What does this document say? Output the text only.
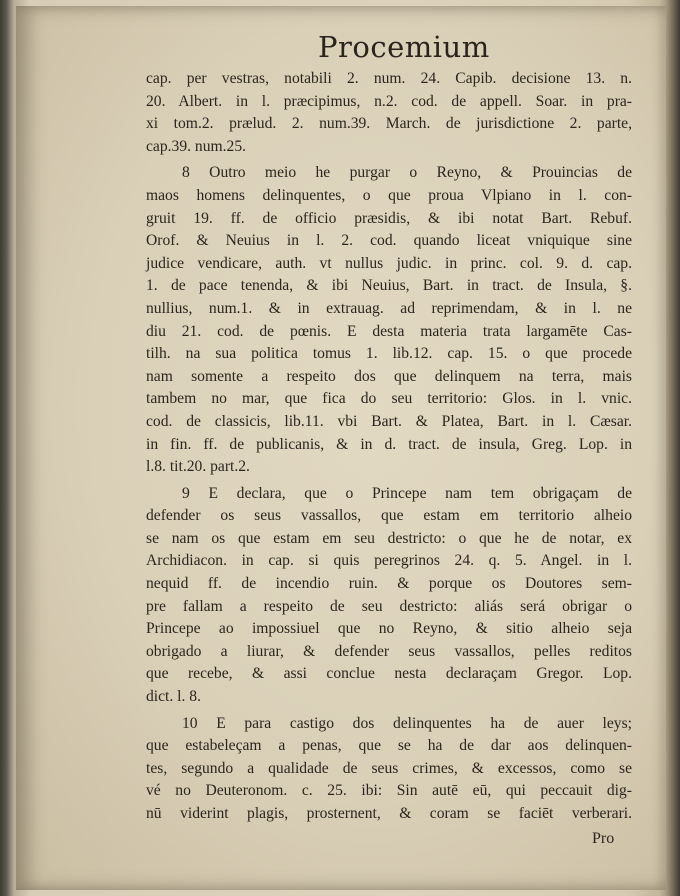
Procemium
cap. per vestras, notabili 2. num. 24. Capib. decisione 13. n.
20. Albert. in l. præcipimus, n.2. cod. de appell. Soar. in pra-
xi tom.2. prælud. 2. num.39. March. de jurisdictione 2. parte,
cap.39. num.25.
8 Outro meio he purgar o Reyno, & Prouincias de
maos homens delinquentes, o que proua Vlpiano in l. con-
gruit 19. ff. de officio præsidis, & ibi notat Bart. Rebuf.
Orof. & Neuius in l. 2. cod. quando liceat vniquique sine
judice vendicare, auth. vt nullus judic. in princ. col. 9. d. cap.
1. de pace tenenda, & ibi Neuius, Bart. in tract. de Insula, §.
nullius, num.1. & in extrauag. ad reprimendam, & in l. ne
diu 21. cod. de pœnis. E desta materia trata largamēte Cas-
tilh. na sua politica tomus 1. lib.12. cap. 15. o que procede
nam somente a respeito dos que delinquem na terra, mais
tambem no mar, que fica do seu territorio: Glos. in l. vnic.
cod. de classicis, lib.11. vbi Bart. & Platea, Bart. in l. Cæsar.
in fin. ff. de publicanis, & in d. tract. de insula, Greg. Lop. in
l.8. tit.20. part.2.
9 E declara, que o Princepe nam tem obrigaçam de
defender os seus vassallos, que estam em territorio alheio
se nam os que estam em seu destricto: o que he de notar, ex
Archidiacon. in cap. si quis peregrinos 24. q. 5. Angel. in l.
nequid ff. de incendio ruin. & porque os Doutores sem-
pre fallam a respeito de seu destricto: aliás será obrigar o
Princepe ao impossiuel que no Reyno, & sitio alheio seja
obrigado a liurar, & defender seus vassallos, pelles reditos
que recebe, & assi conclue nesta declaraçam Gregor. Lop.
dict. l. 8.
10 E para castigo dos delinquentes ha de auer leys;
que estabeleçam a penas, que se ha de dar aos delinquen-
tes, segundo a qualidade de seus crimes, & excessos, como se
vé no Deuteronom. c. 25. ibi: Sin autē eū, qui peccauit dig-
nū viderint plagis, prosternent, & coram se faciēt verberari.
Pro
